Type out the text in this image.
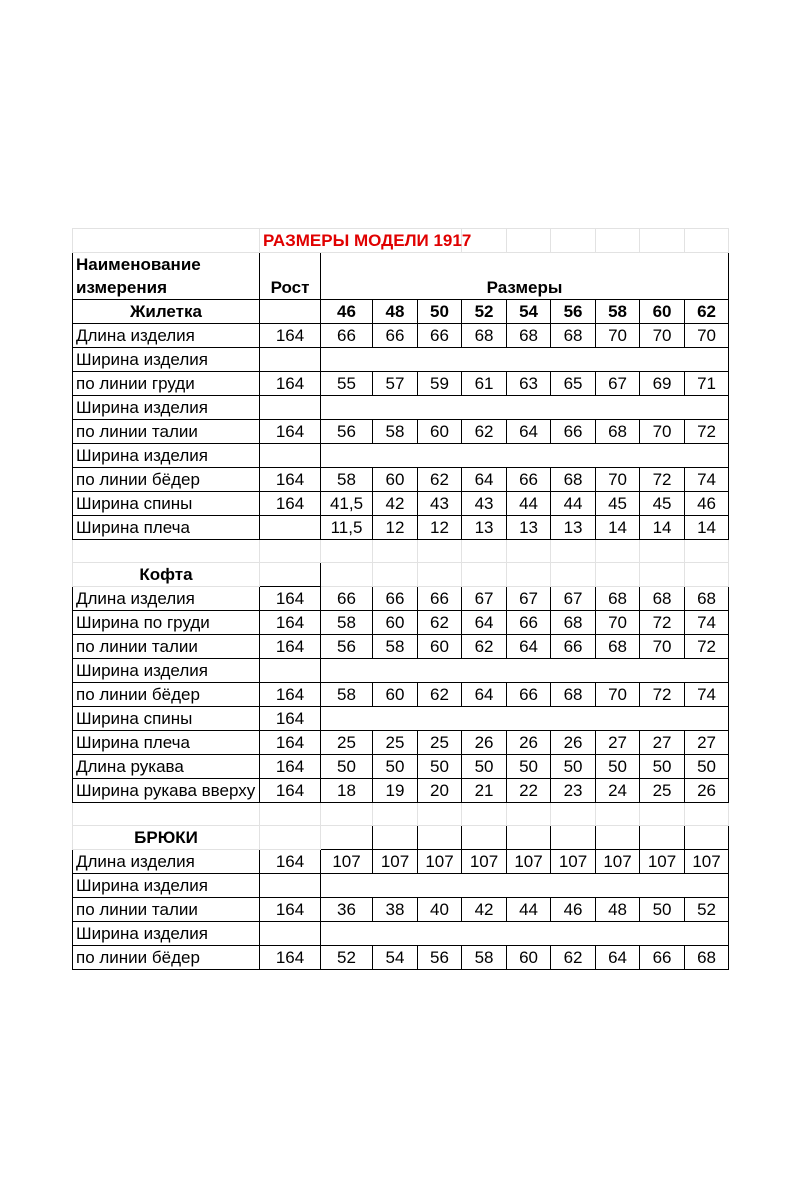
	РАЗМЕРЫ МОДЕЛИ 1917									
Наименование										
измерения	Рост	Размеры								
Жилетка		46	48	50	52	54	56	58	60	62
Длина изделия	164	66	66	66	68	68	68	70	70	70
Ширина изделия										
по линии груди	164	55	57	59	61	63	65	67	69	71
Ширина изделия										
по линии талии	164	56	58	60	62	64	66	68	70	72
Ширина изделия										
по линии бёдер	164	58	60	62	64	66	68	70	72	74
Ширина спины	164	41,5	42	43	43	44	44	45	45	46
Ширина плеча		11,5	12	12	13	13	13	14	14	14

Кофта										
Длина изделия	164	66	66	66	67	67	67	68	68	68
Ширина по груди	164	58	60	62	64	66	68	70	72	74
по линии талии	164	56	58	60	62	64	66	68	70	72
Ширина изделия										
по линии бёдер	164	58	60	62	64	66	68	70	72	74
Ширина спины	164									
Ширина плеча	164	25	25	25	26	26	26	27	27	27
Длина рукава	164	50	50	50	50	50	50	50	50	50
Ширина рукава вверху	164	18	19	20	21	22	23	24	25	26

БРЮКИ										
Длина изделия	164	107	107	107	107	107	107	107	107	107
Ширина изделия										
по линии талии	164	36	38	40	42	44	46	48	50	52
Ширина изделия										
по линии бёдер	164	52	54	56	58	60	62	64	66	68
